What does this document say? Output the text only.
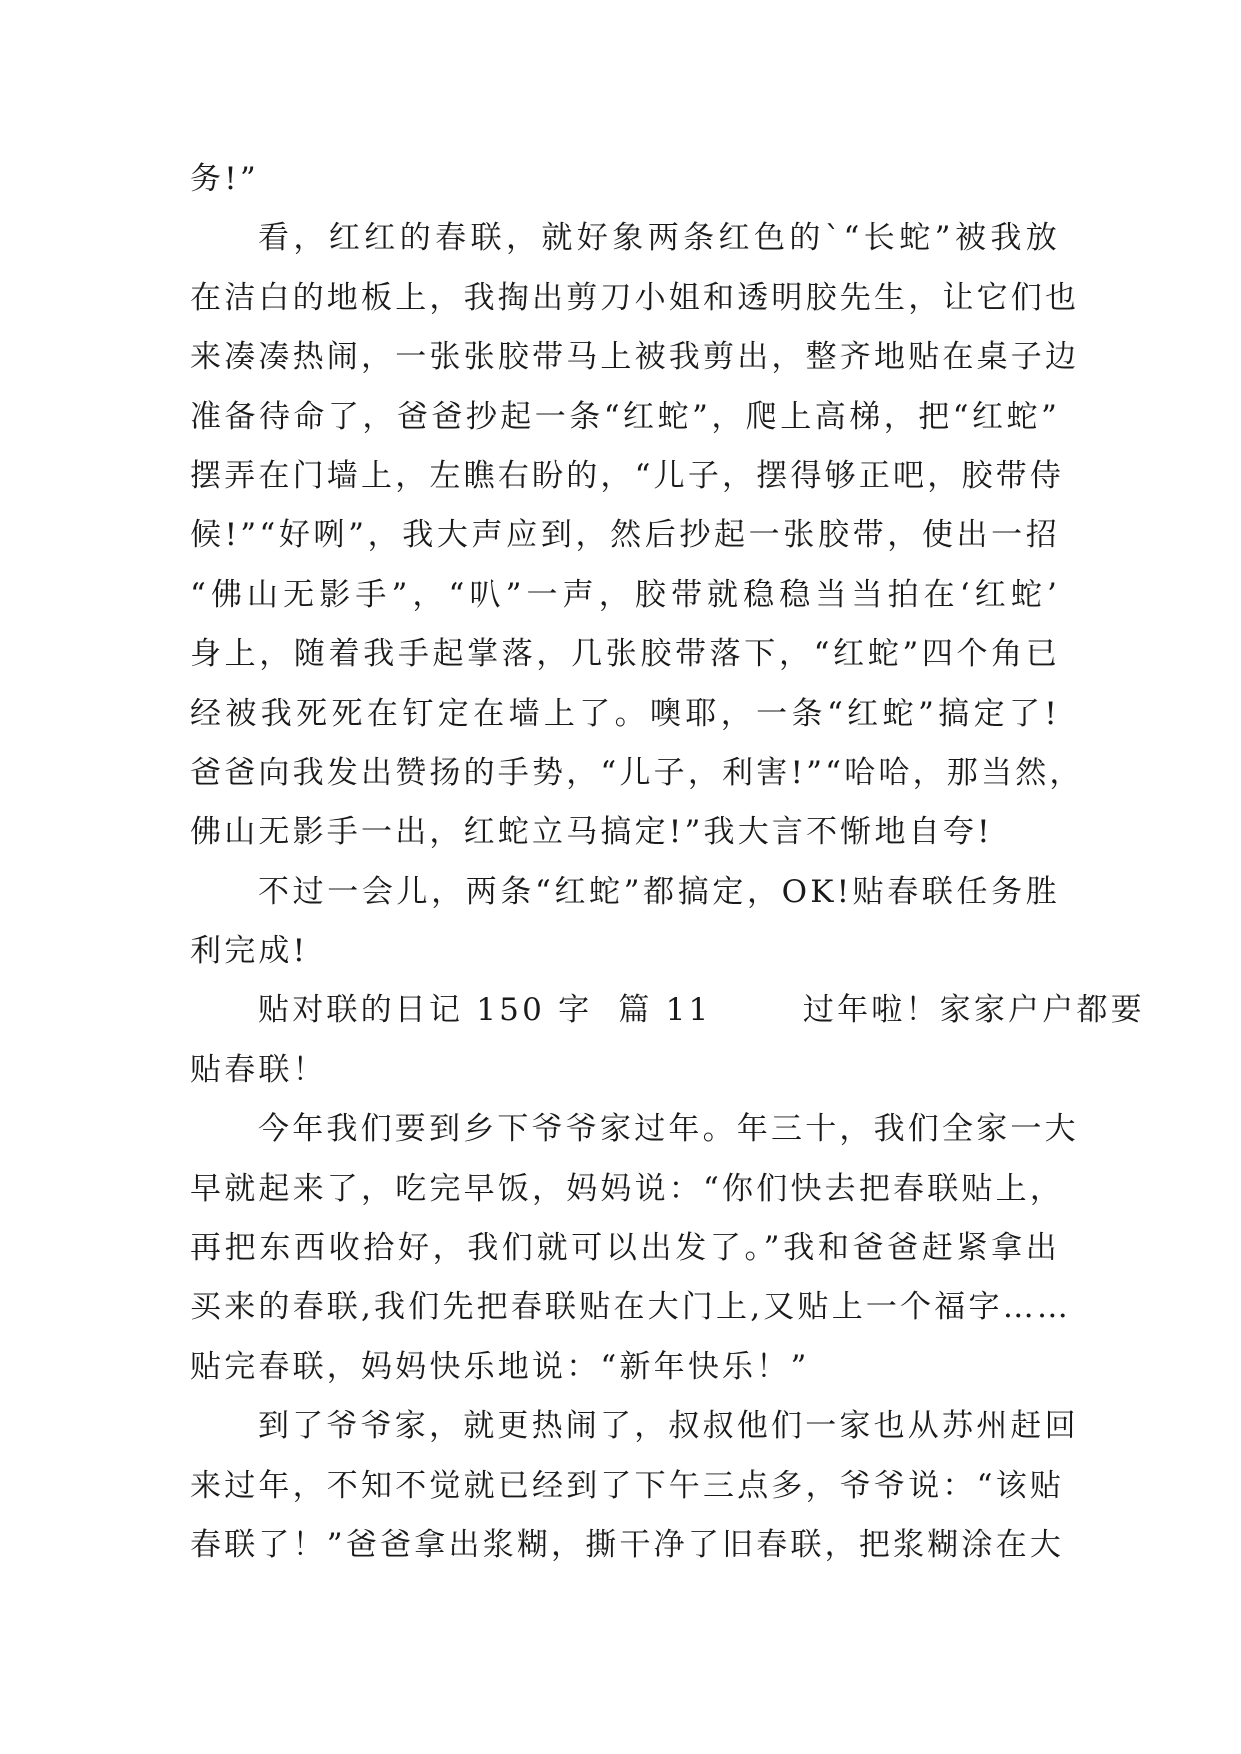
务!”
看，红红的春联，就好象两条红色的`“长蛇”被我放
在洁白的地板上，我掏出剪刀小姐和透明胶先生，让它们也
来凑凑热闹，一张张胶带马上被我剪出，整齐地贴在桌子边
准备待命了，爸爸抄起一条“红蛇”，爬上高梯，把“红蛇”
摆弄在门墙上，左瞧右盼的，“儿子，摆得够正吧，胶带侍
候!”“好咧”，我大声应到，然后抄起一张胶带，使出一招
“佛山无影手”，“叭”一声，胶带就稳稳当当拍在‘红蛇’
身上，随着我手起掌落，几张胶带落下，“红蛇”四个角已
经被我死死在钉定在墙上了。噢耶，一条“红蛇”搞定了!
爸爸向我发出赞扬的手势，“儿子，利害!”“哈哈，那当然，
佛山无影手一出，红蛇立马搞定!”我大言不惭地自夸!
不过一会儿，两条“红蛇”都搞定，OK!贴春联任务胜
利完成!
贴对联的日记 150 字  篇 11       过年啦！家家户户都要
贴春联！
今年我们要到乡下爷爷家过年。年三十，我们全家一大
早就起来了，吃完早饭，妈妈说：“你们快去把春联贴上，
再把东西收拾好，我们就可以出发了。”我和爸爸赶紧拿出
买来的春联,我们先把春联贴在大门上,又贴上一个福字……
贴完春联，妈妈快乐地说：“新年快乐！”
到了爷爷家，就更热闹了，叔叔他们一家也从苏州赶回
来过年，不知不觉就已经到了下午三点多，爷爷说：“该贴
春联了！”爸爸拿出浆糊，撕干净了旧春联，把浆糊涂在大
